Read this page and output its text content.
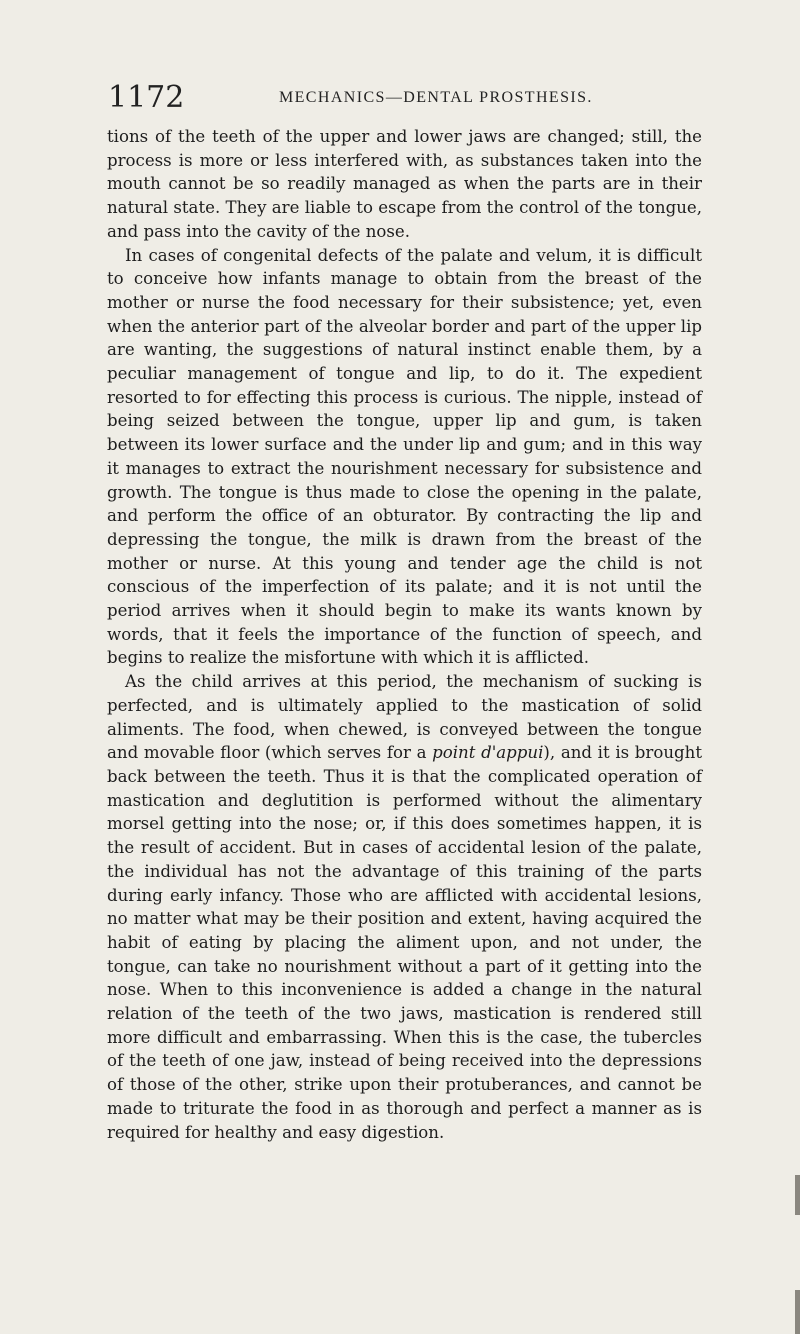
1172	MECHANICS—DENTAL PROSTHESIS.

tions of the teeth of the upper and lower jaws are changed; still, the process is more or less interfered with, as substances taken into the mouth cannot be so readily managed as when the parts are in their natural state. They are liable to escape from the control of the tongue, and pass into the cavity of the nose.

In cases of congenital defects of the palate and velum, it is difficult to conceive how infants manage to obtain from the breast of the mother or nurse the food necessary for their subsistence; yet, even when the anterior part of the alveolar border and part of the upper lip are wanting, the suggestions of natural instinct enable them, by a peculiar management of tongue and lip, to do it. The expedient resorted to for effecting this process is curious. The nipple, instead of being seized between the tongue, upper lip and gum, is taken between its lower surface and the under lip and gum; and in this way it manages to extract the nourishment necessary for subsistence and growth. The tongue is thus made to close the opening in the palate, and perform the office of an obturator. By contracting the lip and depressing the tongue, the milk is drawn from the breast of the mother or nurse. At this young and tender age the child is not conscious of the imperfection of its palate; and it is not until the period arrives when it should begin to make its wants known by words, that it feels the importance of the function of speech, and begins to realize the misfortune with which it is afflicted.

As the child arrives at this period, the mechanism of sucking is perfected, and is ultimately applied to the mastication of solid aliments. The food, when chewed, is conveyed between the tongue and movable floor (which serves for a point d'appui), and it is brought back between the teeth. Thus it is that the complicated operation of mastication and deglutition is performed without the alimentary morsel getting into the nose; or, if this does sometimes happen, it is the result of accident. But in cases of accidental lesion of the palate, the individual has not the advantage of this training of the parts during early infancy. Those who are afflicted with accidental lesions, no matter what may be their position and extent, having acquired the habit of eating by placing the aliment upon, and not under, the tongue, can take no nourishment without a part of it getting into the nose. When to this inconvenience is added a change in the natural relation of the teeth of the two jaws, mastication is rendered still more difficult and embarrassing. When this is the case, the tubercles of the teeth of one jaw, instead of being received into the depressions of those of the other, strike upon their protuberances, and cannot be made to triturate the food in as thorough and perfect a manner as is required for healthy and easy digestion.
